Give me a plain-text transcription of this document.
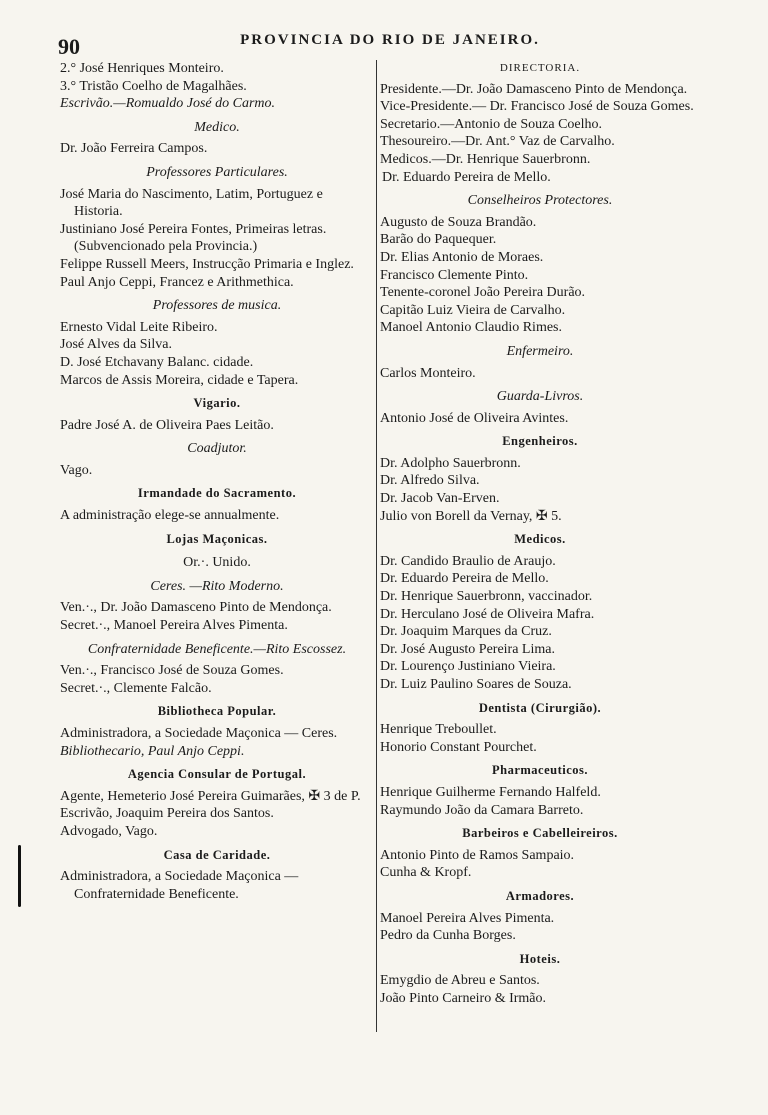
90	PROVINCIA DO RIO DE JANEIRO.

2.° José Henriques Monteiro.

3.° Tristão Coelho de Magalhães.

Escrivão.—Romualdo José do Carmo.

Medico.

Dr. João Ferreira Campos.

Professores Particulares.

José Maria do Nascimento, Latim, Portuguez e Historia.

Justiniano José Pereira Fontes, Primeiras letras. (Subvencionado pela Provincia.)

Felippe Russell Meers, Instrucção Primaria e Inglez.

Paul Anjo Ceppi, Francez e Arithmethica.

Professores de musica.

Ernesto Vidal Leite Ribeiro.

José Alves da Silva.

D. José Etchavany Balanc. cidade.

Marcos de Assis Moreira, cidade e Tapera.

Vigario.

Padre José A. de Oliveira Paes Leitão.

Coadjutor.

Vago.

Irmandade do Sacramento.

A administração elege-se annualmente.

Lojas Maçonicas.

Or.·. Unido.

Ceres. —Rito Moderno.

Ven.·., Dr. João Damasceno Pinto de Mendonça.

Secret.·., Manoel Pereira Alves Pimenta.

Confraternidade Beneficente.—Rito Escossez.

Ven.·., Francisco José de Souza Gomes.

Secret.·., Clemente Falcão.

Bibliotheca Popular.

Administradora, a Sociedade Maçonica — Ceres.

Bibliothecario, Paul Anjo Ceppi.

Agencia Consular de Portugal.

Agente, Hemeterio José Pereira Guimarães, ✠ 3 de P.

Escrivão, Joaquim Pereira dos Santos.

Advogado, Vago.

Casa de Caridade.

Administradora, a Sociedade Maçonica — Confraternidade Beneficente.

DIRECTORIA.

Presidente.—Dr. João Damasceno Pinto de Mendonça.

Vice-Presidente.— Dr. Francisco José de Souza Gomes.

Secretario.—Antonio de Souza Coelho.

Thesoureiro.—Dr. Ant.° Vaz de Carvalho.

Medicos.—Dr. Henrique Sauerbronn.

Dr. Eduardo Pereira de Mello.

Conselheiros Protectores.

Augusto de Souza Brandão.

Barão do Paquequer.

Dr. Elias Antonio de Moraes.

Francisco Clemente Pinto.

Tenente-coronel João Pereira Durão.

Capitão Luiz Vieira de Carvalho.

Manoel Antonio Claudio Rimes.

Enfermeiro.

Carlos Monteiro.

Guarda-Livros.

Antonio José de Oliveira Avintes.

Engenheiros.

Dr. Adolpho Sauerbronn.

Dr. Alfredo Silva.

Dr. Jacob Van-Erven.

Julio von Borell da Vernay, ✠ 5.

Medicos.

Dr. Candido Braulio de Araujo.

Dr. Eduardo Pereira de Mello.

Dr. Henrique Sauerbronn, vaccinador.

Dr. Herculano José de Oliveira Mafra.

Dr. Joaquim Marques da Cruz.

Dr. José Augusto Pereira Lima.

Dr. Lourenço Justiniano Vieira.

Dr. Luiz Paulino Soares de Souza.

Dentista (Cirurgião).

Henrique Treboullet.

Honorio Constant Pourchet.

Pharmaceuticos.

Henrique Guilherme Fernando Halfeld.

Raymundo João da Camara Barreto.

Barbeiros e Cabelleireiros.

Antonio Pinto de Ramos Sampaio.

Cunha & Kropf.

Armadores.

Manoel Pereira Alves Pimenta.

Pedro da Cunha Borges.

Hoteis.

Emygdio de Abreu e Santos.

João Pinto Carneiro & Irmão.
